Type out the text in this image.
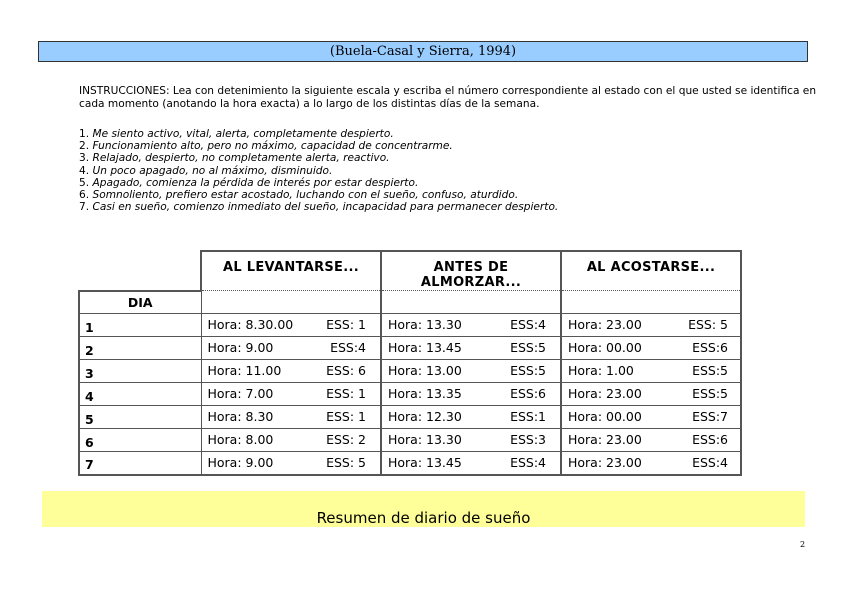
(Buela-Casal y Sierra, 1994)
INSTRUCCIONES: Lea con detenimiento la siguiente escala y escriba el número correspondiente al estado con el que usted se identifica en cada momento (anotando la hora exacta) a lo largo de los distintas días de la semana.
1. Me siento activo, vital, alerta, completamente despierto.
2. Funcionamiento alto, pero no máximo, capacidad de concentrarme.
3. Relajado, despierto, no completamente alerta, reactivo.
4. Un poco apagado, no al máximo, disminuido.
5. Apagado, comienza la pérdida de interés por estar despierto.
6. Somnoliento, prefiero estar acostado, luchando con el sueño, confuso, aturdido.
7. Casi en sueño, comienzo inmediato del sueño, incapacidad para permanecer despierto.
	AL LEVANTARSE...	ANTES DE ALMORZAR...	AL ACOSTARSE...
DIA			
1	Hora: 8.30.00 ESS: 1	Hora: 13.30 ESS:4	Hora: 23.00 ESS: 5

2	Hora: 9.00 ESS:4	Hora: 13.45 ESS:5	Hora: 00.00 ESS:6

3	Hora: 11.00 ESS: 6	Hora: 13.00 ESS:5	Hora: 1.00 ESS:5

4	Hora: 7.00 ESS: 1	Hora: 13.35 ESS:6	Hora: 23.00 ESS:5

5	Hora: 8.30 ESS: 1	Hora: 12.30 ESS:1	Hora: 00.00 ESS:7

6	Hora: 8.00 ESS: 2	Hora: 13.30 ESS:3	Hora: 23.00 ESS:6

7	Hora: 9.00 ESS: 5	Hora: 13.45 ESS:4	Hora: 23.00 ESS:4
Resumen de diario de sueño
2
